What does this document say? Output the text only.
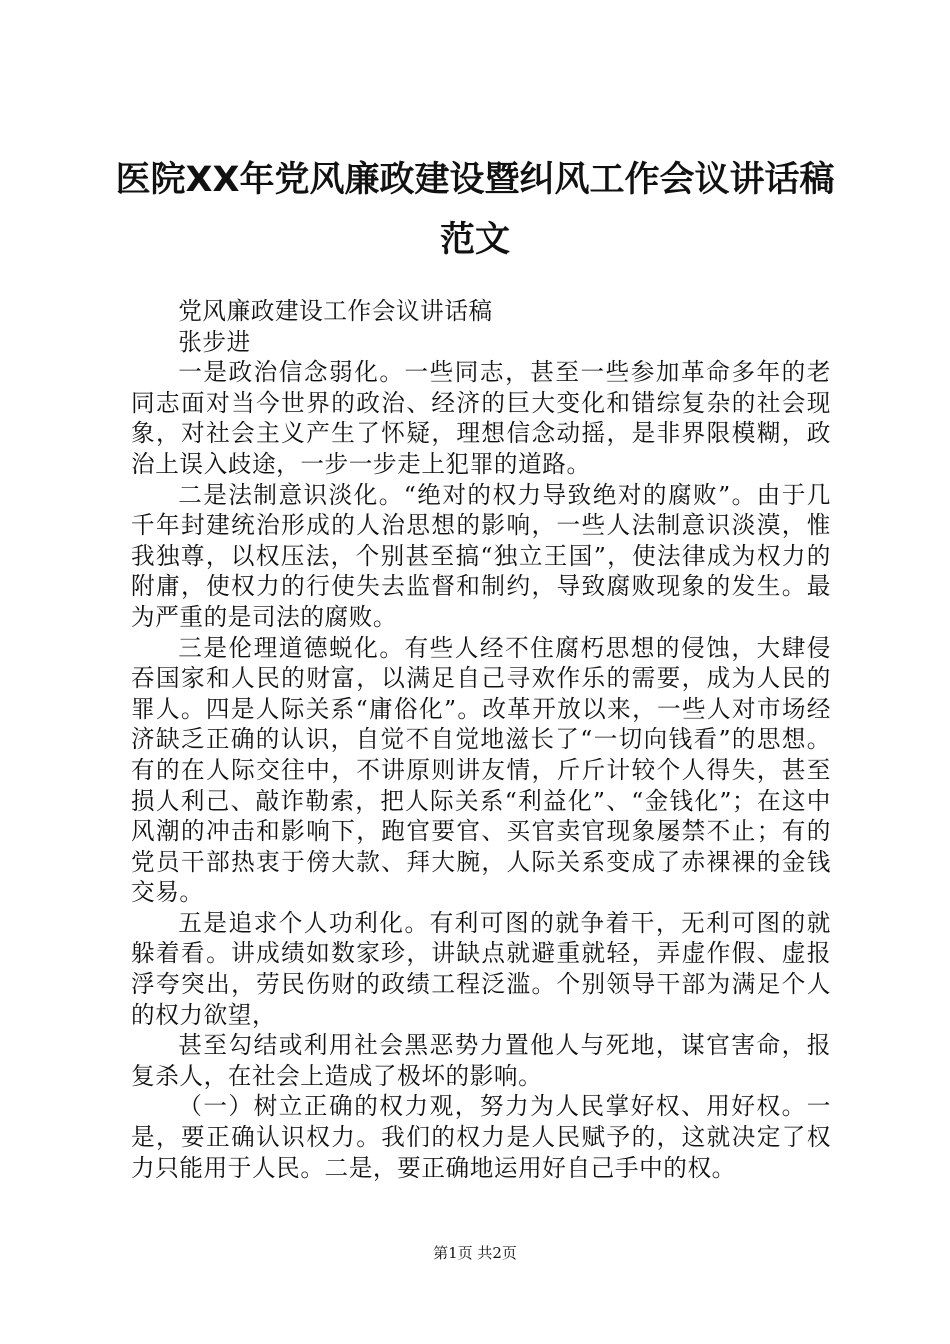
医院XX年党风廉政建设暨纠风工作会议讲话稿范文

党风廉政建设工作会议讲话稿

张步进

一是政治信念弱化。一些同志，甚至一些参加革命多年的老同志面对当今世界的政治、经济的巨大变化和错综复杂的社会现象，对社会主义产生了怀疑，理想信念动摇，是非界限模糊，政治上误入歧途，一步一步走上犯罪的道路。

二是法制意识淡化。“绝对的权力导致绝对的腐败”。由于几千年封建统治形成的人治思想的影响，一些人法制意识淡漠，惟我独尊，以权压法，个别甚至搞“独立王国”，使法律成为权力的附庸，使权力的行使失去监督和制约，导致腐败现象的发生。最为严重的是司法的腐败。

三是伦理道德蜕化。有些人经不住腐朽思想的侵蚀，大肆侵吞国家和人民的财富，以满足自己寻欢作乐的需要，成为人民的罪人。四是人际关系“庸俗化”。改革开放以来，一些人对市场经济缺乏正确的认识，自觉不自觉地滋长了“一切向钱看”的思想。有的在人际交往中，不讲原则讲友情，斤斤计较个人得失，甚至损人利己、敲诈勒索，把人际关系“利益化”、“金钱化”；在这中风潮的冲击和影响下，跑官要官、买官卖官现象屡禁不止；有的党员干部热衷于傍大款、拜大腕，人际关系变成了赤裸裸的金钱交易。

五是追求个人功利化。有利可图的就争着干，无利可图的就躲着看。讲成绩如数家珍，讲缺点就避重就轻，弄虚作假、虚报浮夸突出，劳民伤财的政绩工程泛滥。个别领导干部为满足个人的权力欲望，

甚至勾结或利用社会黑恶势力置他人与死地，谋官害命，报复杀人，在社会上造成了极坏的影响。

（一）树立正确的权力观，努力为人民掌好权、用好权。一是，要正确认识权力。我们的权力是人民赋予的，这就决定了权力只能用于人民。二是，要正确地运用好自己手中的权。

第1页 共2页
